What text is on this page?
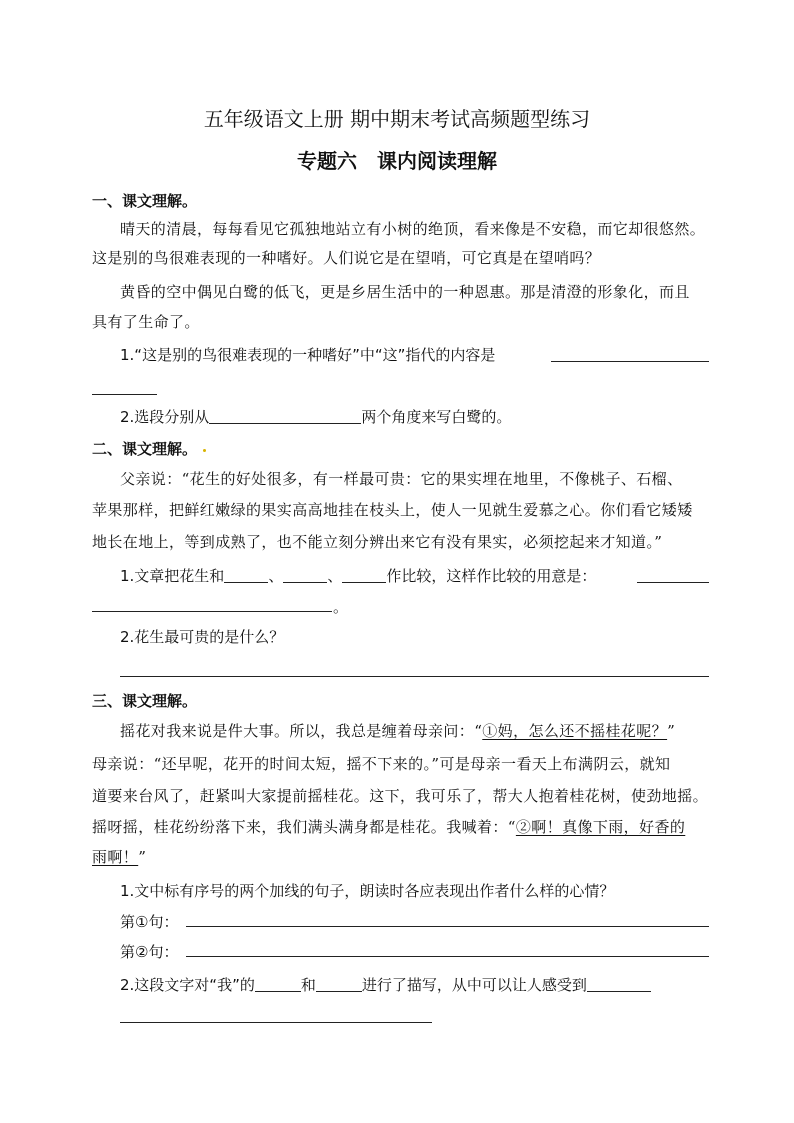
五年级语文上册 期中期末考试高频题型练习
专题六　课内阅读理解
一、课文理解。
晴天的清晨，每每看见它孤独地站立有小树的绝顶，看来像是不安稳，而它却很悠然。
这是别的鸟很难表现的一种嗜好。人们说它是在望哨，可它真是在望哨吗？
黄昏的空中偶见白鹭的低飞，更是乡居生活中的一种恩惠。那是清澄的形象化，而且
具有了生命了。
1.“这是别的鸟很难表现的一种嗜好”中“这”指代的内容是
2.选段分别从	两个角度来写白鹭的。
二、课文理解。
父亲说：“花生的好处很多，有一样最可贵：它的果实埋在地里，不像桃子、石榴、
苹果那样，把鲜红嫩绿的果实高高地挂在枝头上，使人一见就生爱慕之心。你们看它矮矮
地长在地上，等到成熟了，也不能立刻分辨出来它有没有果实，必须挖起来才知道。”
1.文章把花生和	、	、	作比较，这样作比较的用意是：
。
2.花生最可贵的是什么？
三、课文理解。
摇花对我来说是件大事。所以，我总是缠着母亲问：“①妈，怎么还不摇桂花呢？”
母亲说：“还早呢，花开的时间太短，摇不下来的。”可是母亲一看天上布满阴云，就知
道要来台风了，赶紧叫大家提前摇桂花。这下，我可乐了，帮大人抱着桂花树，使劲地摇。
摇呀摇，桂花纷纷落下来，我们满头满身都是桂花。我喊着：“②啊！真像下雨，好香的
雨啊！”
1.文中标有序号的两个加线的句子，朗读时各应表现出作者什么样的心情？
第①句：
第②句：
2.这段文字对“我”的	和	进行了描写，从中可以让人感受到
